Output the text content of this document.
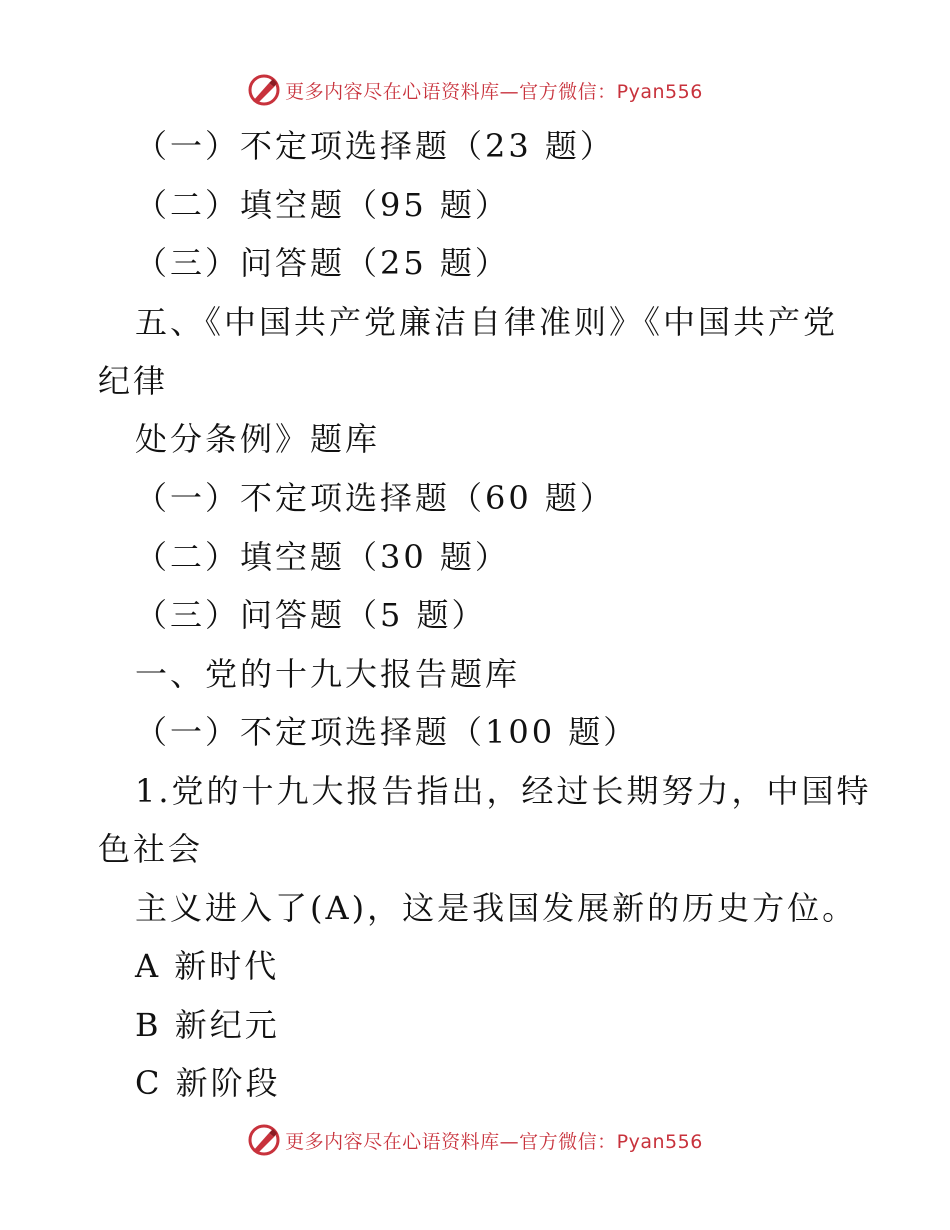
更多内容尽在心语资料库—官方微信：Pyan556
（一）不定项选择题（23 题）
（二）填空题（95 题）
（三）问答题（25 题）
五、《中国共产党廉洁自律准则》《中国共产党
纪律
处分条例》题库
（一）不定项选择题（60 题）
（二）填空题（30 题）
（三）问答题（5 题）
一、党的十九大报告题库
（一）不定项选择题（100 题）
1.党的十九大报告指出，经过长期努力，中国特
色社会
主义进入了(A)，这是我国发展新的历史方位。
A 新时代
B 新纪元
C 新阶段
更多内容尽在心语资料库—官方微信：Pyan556
